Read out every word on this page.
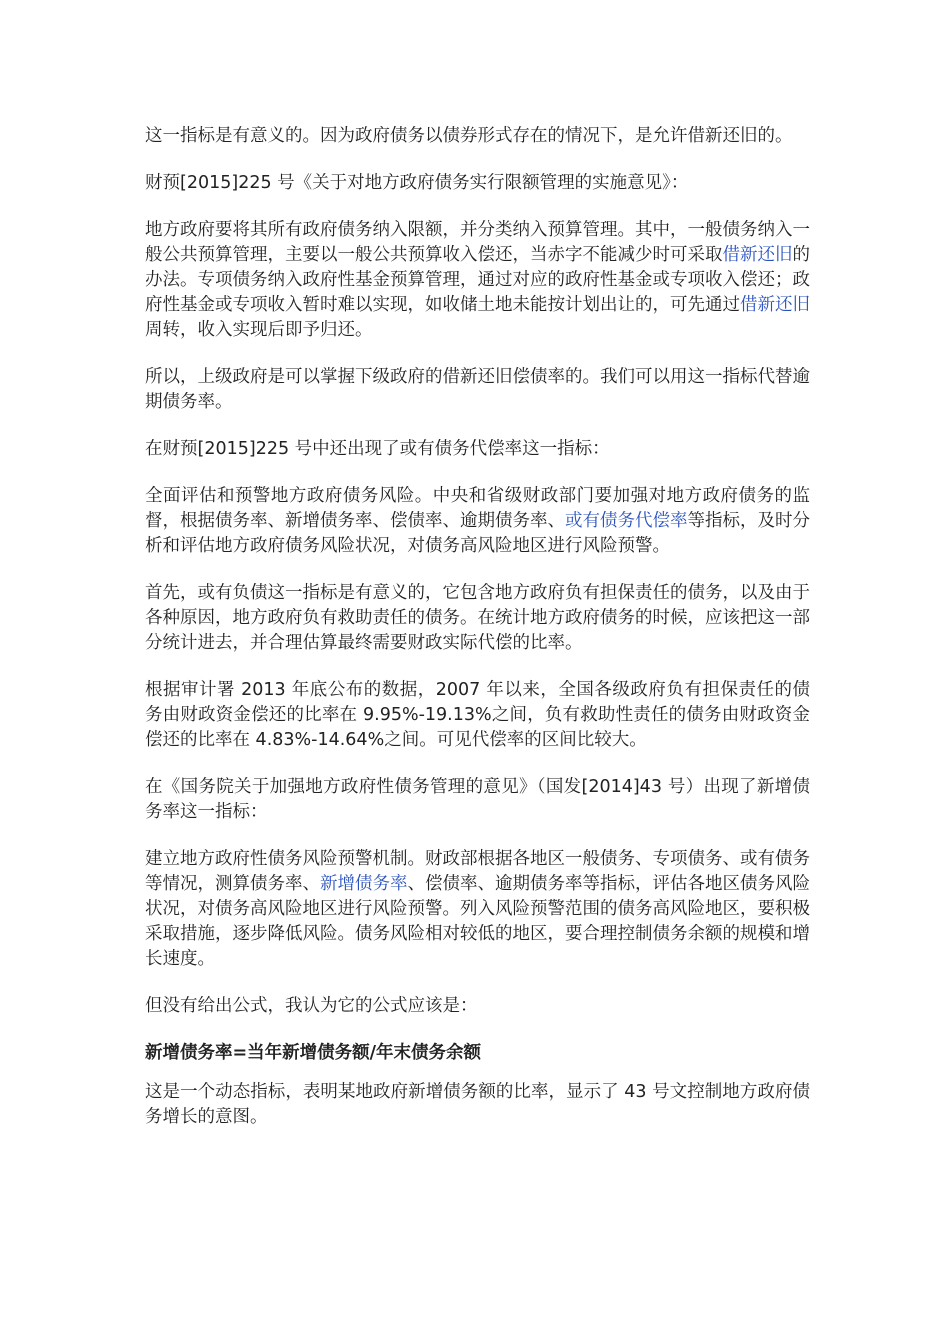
这一指标是有意义的。因为政府债务以债券形式存在的情况下，是允许借新还旧的。

财预[2015]225 号《关于对地方政府债务实行限额管理的实施意见》：

地方政府要将其所有政府债务纳入限额，并分类纳入预算管理。其中，一般债务纳入一般公共预算管理，主要以一般公共预算收入偿还，当赤字不能减少时可采取借新还旧的办法。专项债务纳入政府性基金预算管理，通过对应的政府性基金或专项收入偿还；政府性基金或专项收入暂时难以实现，如收储土地未能按计划出让的，可先通过借新还旧周转，收入实现后即予归还。

所以，上级政府是可以掌握下级政府的借新还旧偿债率的。我们可以用这一指标代替逾期债务率。

在财预[2015]225 号中还出现了或有债务代偿率这一指标：

全面评估和预警地方政府债务风险。中央和省级财政部门要加强对地方政府债务的监督，根据债务率、新增债务率、偿债率、逾期债务率、或有债务代偿率等指标，及时分析和评估地方政府债务风险状况，对债务高风险地区进行风险预警。

首先，或有负债这一指标是有意义的，它包含地方政府负有担保责任的债务，以及由于各种原因，地方政府负有救助责任的债务。在统计地方政府债务的时候，应该把这一部分统计进去，并合理估算最终需要财政实际代偿的比率。

根据审计署 2013 年底公布的数据，2007 年以来，全国各级政府负有担保责任的债务由财政资金偿还的比率在 9.95%-19.13%之间，负有救助性责任的债务由财政资金偿还的比率在 4.83%-14.64%之间。可见代偿率的区间比较大。

在《国务院关于加强地方政府性债务管理的意见》（国发[2014]43 号）出现了新增债务率这一指标：

建立地方政府性债务风险预警机制。财政部根据各地区一般债务、专项债务、或有债务等情况，测算债务率、新增债务率、偿债率、逾期债务率等指标，评估各地区债务风险状况，对债务高风险地区进行风险预警。列入风险预警范围的债务高风险地区，要积极采取措施，逐步降低风险。债务风险相对较低的地区，要合理控制债务余额的规模和增长速度。

但没有给出公式，我认为它的公式应该是：

新增债务率=当年新增债务额/年末债务余额

这是一个动态指标，表明某地政府新增债务额的比率，显示了 43 号文控制地方政府债务增长的意图。
